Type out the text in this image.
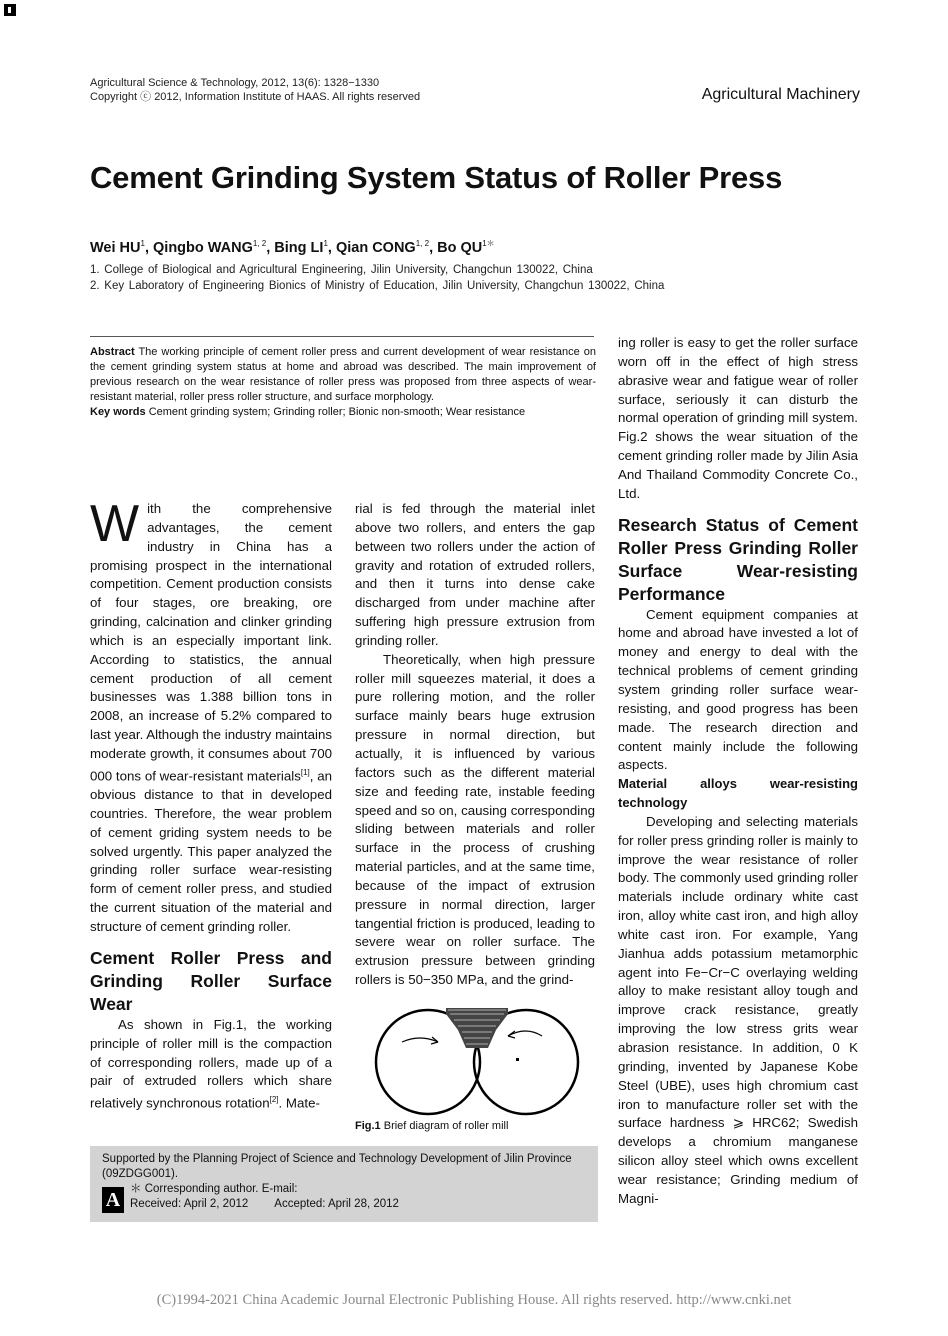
Agricultural Science & Technology, 2012, 13(6): 1328−1330
Copyright ⓒ 2012, Information Institute of HAAS. All rights reserved	Agricultural Machinery
Cement Grinding System Status of Roller Press
Wei $HU^1$, Qingbo WANG$^{1, 2}$, Bing $LI^1$, Qian CONG$^{1, 2}$, Bo $QU^{1*}$
1. College of Biological and Agricultural Engineering, Jilin University, Changchun 130022, China
2. Key Laboratory of Engineering Bionics of Ministry of Education, Jilin University, Changchun 130022, China
Abstract The working principle of cement roller press and current development of wear resistance on the cement grinding system status at home and abroad was described. The main improvement of previous research on the wear resistance of roller press was proposed from three aspects of wear-resistant material, roller press roller structure, and surface morphology.
Key words Cement grinding system; Grinding roller; Bionic non-smooth; Wear resistance

With the comprehensive advantages, the cement industry in China has a promising prospect in the international competition. Cement production consists of four stages, ore breaking, ore grinding, calcination and clinker grinding which is an especially important link. According to statistics, the annual cement production of all cement businesses was 1.388 billion tons in 2008, an increase of 5.2% compared to last year. Although the industry maintains moderate growth, it consumes about 700 000 tons of wear-resistant materials[1], an obvious distance to that in developed countries. Therefore, the wear problem of cement griding system needs to be solved urgently. This paper analyzed the grinding roller surface wear-resisting form of cement roller press, and studied the current situation of the material and structure of cement grinding roller.

Cement Roller Press and Grinding Roller Surface Wear

As shown in Fig.1, the working principle of roller mill is the compaction of corresponding rollers, made up of a pair of extruded rollers which share relatively synchronous rotation[2]. Mate-

rial is fed through the material inlet above two rollers, and enters the gap between two rollers under the action of gravity and rotation of extruded rollers, and then it turns into dense cake discharged from under machine after suffering high pressure extrusion from grinding roller.

Theoretically, when high pressure roller mill squeezes material, it does a pure rollering motion, and the roller surface mainly bears huge extrusion pressure in normal direction, but actually, it is influenced by various factors such as the different material size and feeding rate, instable feeding speed and so on, causing corresponding sliding between materials and roller surface in the process of crushing material particles, and at the same time, because of the impact of extrusion pressure in normal direction, larger tangential friction is produced, leading to severe wear on roller surface. The extrusion pressure between grinding rollers is 50−350 MPa, and the grind-

Fig.1 Brief diagram of roller mill
Supported by the Planning Project of Science and Technology Development of Jilin Province (09ZDGG001).
A ＊ Corresponding author. E-mail:
Received: April 2, 2012 Accepted: April 28, 2012

ing roller is easy to get the roller surface worn off in the effect of high stress abrasive wear and fatigue wear of roller surface, seriously it can disturb the normal operation of grinding mill system. Fig.2 shows the wear situation of the cement grinding roller made by Jilin Asia And Thailand Commodity Concrete Co., Ltd.

Research Status of Cement Roller Press Grinding Roller Surface Wear-resisting Performance

Cement equipment companies at home and abroad have invested a lot of money and energy to deal with the technical problems of cement grinding system grinding roller surface wear-resisting, and good progress has been made. The research direction and content mainly include the following aspects.

Material alloys wear-resisting technology

Developing and selecting materials for roller press grinding roller is mainly to improve the wear resistance of roller body. The commonly used grinding roller materials include ordinary white cast iron, alloy white cast iron, and high alloy white cast iron. For example, Yang Jianhua adds potassium metamorphic agent into Fe−Cr−C overlaying welding alloy to make resistant alloy tough and improve crack resistance, greatly improving the low stress grits wear abrasion resistance. In addition, 0 K grinding, invented by Japanese Kobe Steel (UBE), uses high chromium cast iron to manufacture roller set with the surface hardness ⩾ HRC62; Swedish develops a chromium manganese silicon alloy steel which owns excellent wear resistance; Grinding medium of Magni-

(C)1994-2021 China Academic Journal Electronic Publishing House. All rights reserved. http://www.cnki.net
